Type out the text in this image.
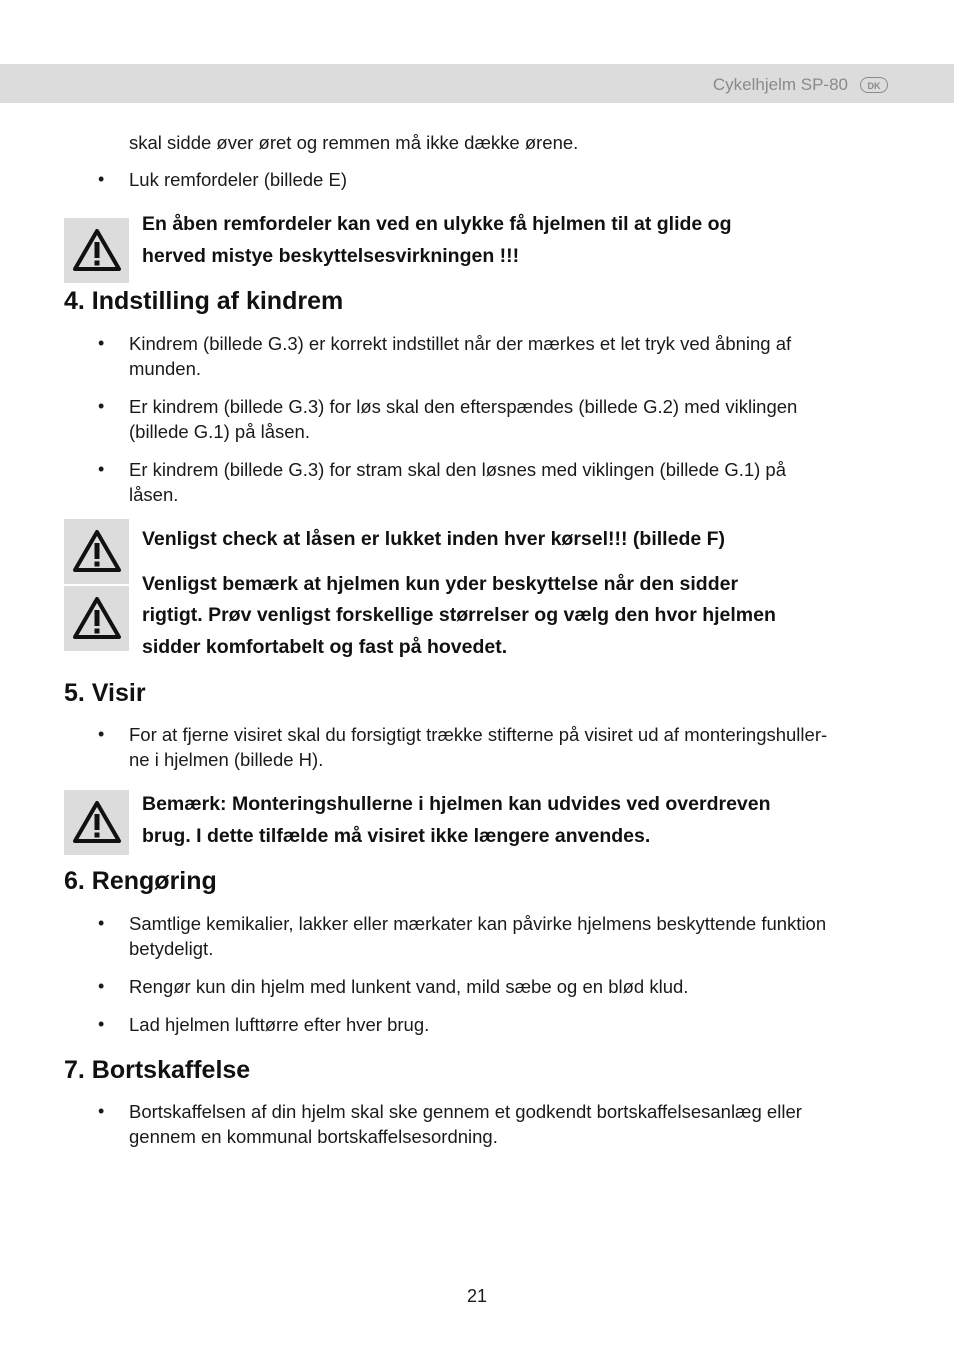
Cykelhjelm SP-80	DK
skal sidde øver øret og remmen må ikke dække ørene.
• Luk remfordeler (billede E)
En åben remfordeler kan ved en ulykke få hjelmen til at glide og
herved mistye beskyttelsesvirkningen !!!
4. Indstilling af kindrem
• Kindrem (billede G.3) er korrekt indstillet når der mærkes et let tryk ved åbning af
munden.
• Er kindrem (billede G.3) for løs skal den efterspændes (billede G.2) med viklingen
(billede G.1) på låsen.
• Er kindrem (billede G.3) for stram skal den løsnes med viklingen (billede G.1) på
låsen.
Venligst check at låsen er lukket inden hver kørsel!!! (billede F)
Venligst bemærk at hjelmen kun yder beskyttelse når den sidder
rigtigt. Prøv venligst forskellige størrelser og vælg den hvor hjelmen
sidder komfortabelt og fast på hovedet.
5. Visir
• For at fjerne visiret skal du forsigtigt trække stifterne på visiret ud af monteringshuller-
ne i hjelmen (billede H).
Bemærk: Monteringshullerne i hjelmen kan udvides ved overdreven
brug. I dette tilfælde må visiret ikke længere anvendes.
6. Rengøring
• Samtlige kemikalier, lakker eller mærkater kan påvirke hjelmens beskyttende funktion
betydeligt.
• Rengør kun din hjelm med lunkent vand, mild sæbe og en blød klud.
• Lad hjelmen lufttørre efter hver brug.
7. Bortskaffelse
• Bortskaffelsen af din hjelm skal ske gennem et godkendt bortskaffelsesanlæg eller
gennem en kommunal bortskaffelsesordning.
21
